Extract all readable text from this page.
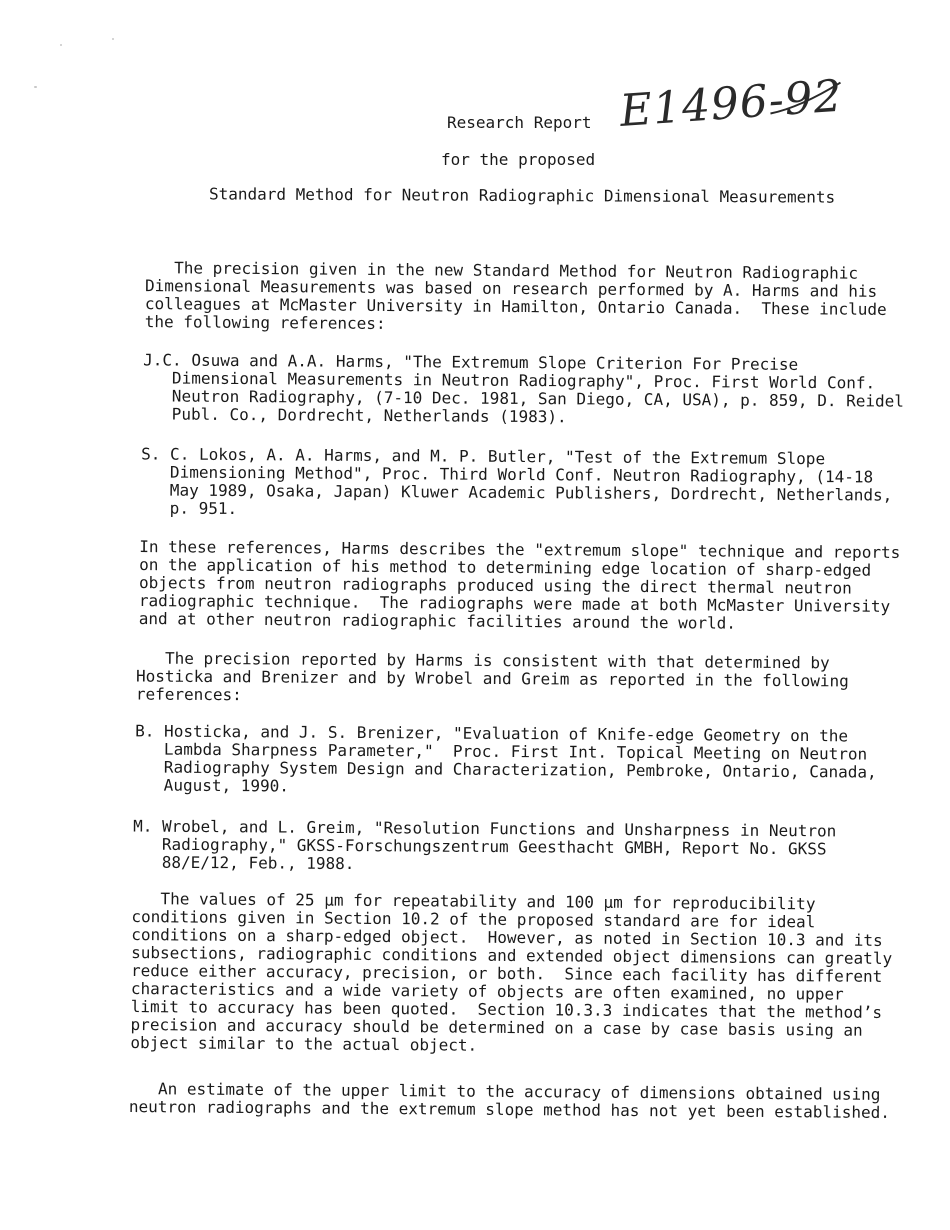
Research Report E1496-92
for the proposed
Standard Method for Neutron Radiographic Dimensional Measurements
The precision given in the new Standard Method for Neutron Radiographic
Dimensional Measurements was based on research performed by A. Harms and his
colleagues at McMaster University in Hamilton, Ontario Canada.  These include
the following references:
J.C. Osuwa and A.A. Harms, "The Extremum Slope Criterion For Precise
Dimensional Measurements in Neutron Radiography", Proc. First World Conf.
Neutron Radiography, (7-10 Dec. 1981, San Diego, CA, USA), p. 859, D. Reidel
Publ. Co., Dordrecht, Netherlands (1983).
S. C. Lokos, A. A. Harms, and M. P. Butler, "Test of the Extremum Slope
Dimensioning Method", Proc. Third World Conf. Neutron Radiography, (14-18
May 1989, Osaka, Japan) Kluwer Academic Publishers, Dordrecht, Netherlands,
p. 951.
In these references, Harms describes the "extremum slope" technique and reports
on the application of his method to determining edge location of sharp-edged
objects from neutron radiographs produced using the direct thermal neutron
radiographic technique.  The radiographs were made at both McMaster University
and at other neutron radiographic facilities around the world.
The precision reported by Harms is consistent with that determined by
Hosticka and Brenizer and by Wrobel and Greim as reported in the following
references:
B. Hosticka, and J. S. Brenizer, "Evaluation of Knife-edge Geometry on the
Lambda Sharpness Parameter,"  Proc. First Int. Topical Meeting on Neutron
Radiography System Design and Characterization, Pembroke, Ontario, Canada,
August, 1990.
M. Wrobel, and L. Greim, "Resolution Functions and Unsharpness in Neutron
Radiography," GKSS-Forschungszentrum Geesthacht GMBH, Report No. GKSS
88/E/12, Feb., 1988.
The values of 25 μm for repeatability and 100 μm for reproducibility
conditions given in Section 10.2 of the proposed standard are for ideal
conditions on a sharp-edged object.  However, as noted in Section 10.3 and its
subsections, radiographic conditions and extended object dimensions can greatly
reduce either accuracy, precision, or both.  Since each facility has different
characteristics and a wide variety of objects are often examined, no upper
limit to accuracy has been quoted.  Section 10.3.3 indicates that the method’s
precision and accuracy should be determined on a case by case basis using an
object similar to the actual object.
An estimate of the upper limit to the accuracy of dimensions obtained using
neutron radiographs and the extremum slope method has not yet been established.
